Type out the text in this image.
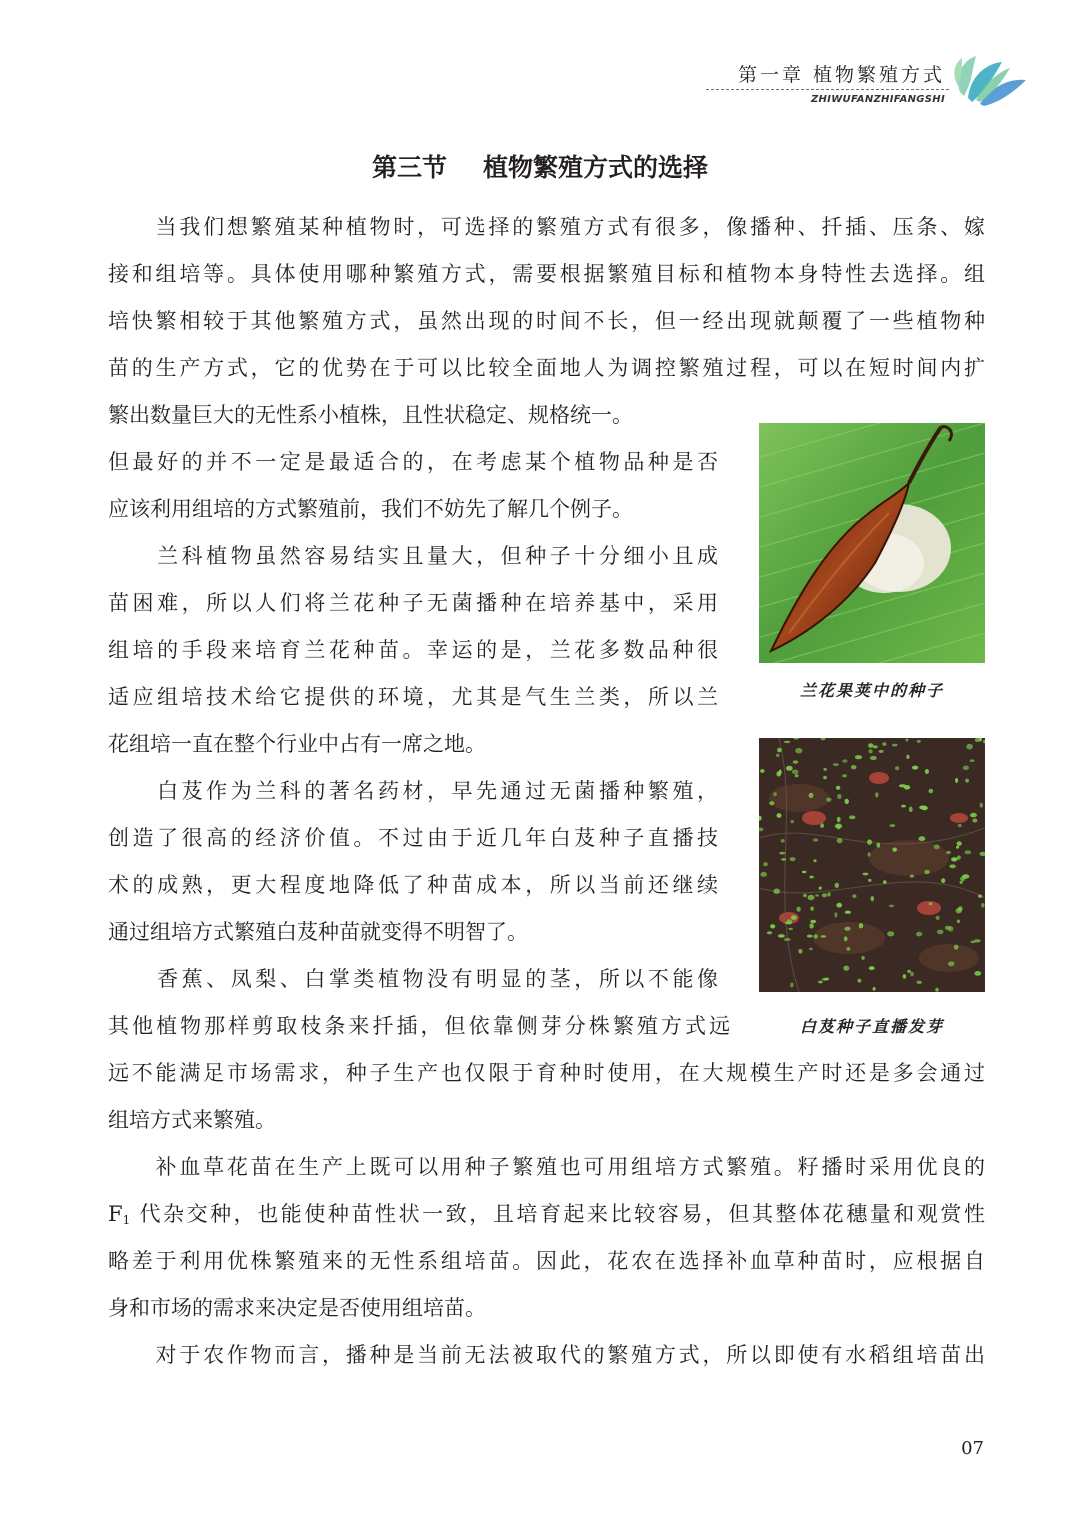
第一章 植物繁殖方式
ZHIWUFANZHIFANGSHI
第三节 植物繁殖方式的选择
　　当我们想繁殖某种植物时，可选择的繁殖方式有很多，像播种、扦插、压条、嫁
接和组培等。具体使用哪种繁殖方式，需要根据繁殖目标和植物本身特性去选择。组
培快繁相较于其他繁殖方式，虽然出现的时间不长，但一经出现就颠覆了一些植物种
苗的生产方式，它的优势在于可以比较全面地人为调控繁殖过程，可以在短时间内扩
繁出数量巨大的无性系小植株，且性状稳定、规格统一。
但最好的并不一定是最适合的，在考虑某个植物品种是否
应该利用组培的方式繁殖前，我们不妨先了解几个例子。
　　兰科植物虽然容易结实且量大，但种子十分细小且成
苗困难，所以人们将兰花种子无菌播种在培养基中，采用
组培的手段来培育兰花种苗。幸运的是，兰花多数品种很
适应组培技术给它提供的环境，尤其是气生兰类，所以兰
花组培一直在整个行业中占有一席之地。
　　白芨作为兰科的著名药材，早先通过无菌播种繁殖，
创造了很高的经济价值。不过由于近几年白芨种子直播技
术的成熟，更大程度地降低了种苗成本，所以当前还继续
通过组培方式繁殖白芨种苗就变得不明智了。
　　香蕉、凤梨、白掌类植物没有明显的茎，所以不能像
其他植物那样剪取枝条来扦插，但依靠侧芽分株繁殖方式远
远不能满足市场需求，种子生产也仅限于育种时使用，在大规模生产时还是多会通过
组培方式来繁殖。
　　补血草花苗在生产上既可以用种子繁殖也可用组培方式繁殖。籽播时采用优良的
$F_1$ 代杂交种，也能使种苗性状一致，且培育起来比较容易，但其整体花穗量和观赏性
略差于利用优株繁殖来的无性系组培苗。因此，花农在选择补血草种苗时，应根据自
身和市场的需求来决定是否使用组培苗。
　　对于农作物而言，播种是当前无法被取代的繁殖方式，所以即使有水稻组培苗出
兰花果荚中的种子
白芨种子直播发芽
07
